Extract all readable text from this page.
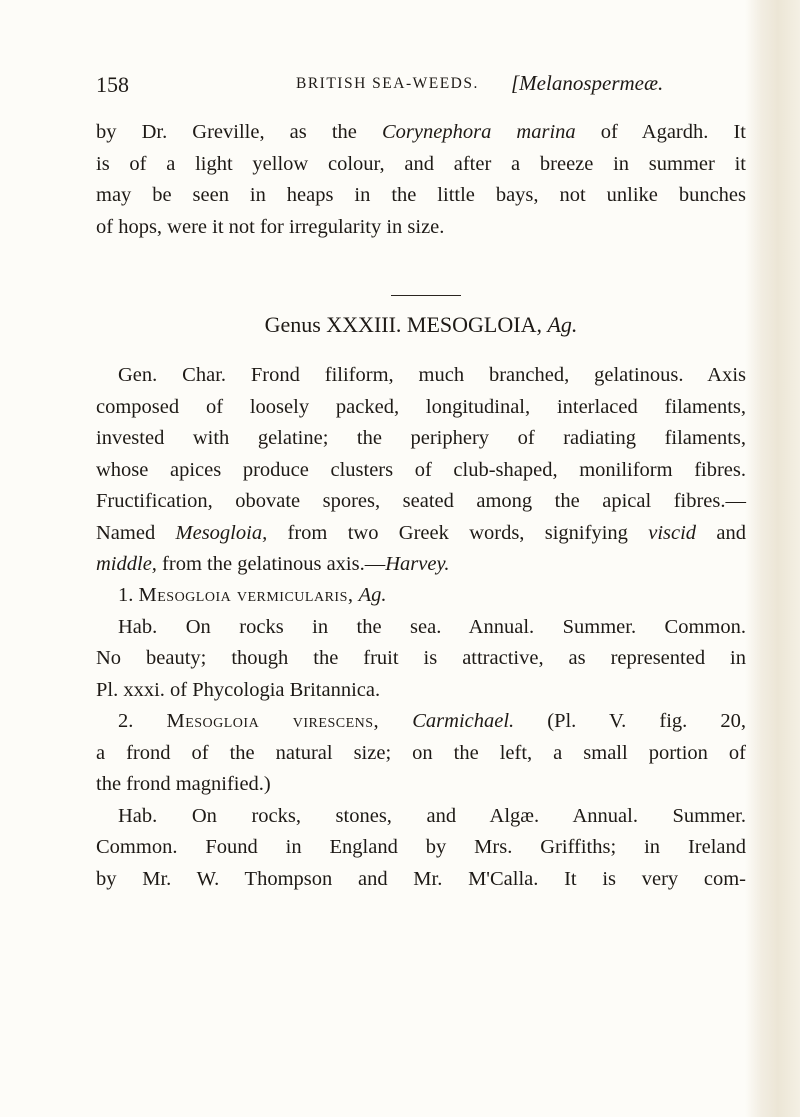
158	BRITISH SEA-WEEDS. [Melanospermeæ.

by Dr. Greville, as the Corynephora marina of Agardh. It
is of a light yellow colour, and after a breeze in summer it
may be seen in heaps in the little bays, not unlike bunches
of hops, were it not for irregularity in size.

Genus XXXIII. MESOGLOIA, Ag.

Gen. Char. Frond filiform, much branched, gelatinous. Axis
composed of loosely packed, longitudinal, interlaced filaments,
invested with gelatine; the periphery of radiating filaments,
whose apices produce clusters of club-shaped, moniliform fibres.
Fructification, obovate spores, seated among the apical fibres.—
Named Mesogloia, from two Greek words, signifying viscid and
middle, from the gelatinous axis.—Harvey.

1. Mesogloia vermicularis, Ag.
Hab. On rocks in the sea. Annual. Summer. Common.
No beauty; though the fruit is attractive, as represented in
Pl. xxxi. of Phycologia Britannica.

2. Mesogloia virescens, Carmichael. (Pl. V. fig. 20,
a frond of the natural size; on the left, a small portion of
the frond magnified.)
Hab. On rocks, stones, and Algæ. Annual. Summer.
Common. Found in England by Mrs. Griffiths; in Ireland
by Mr. W. Thompson and Mr. M'Calla. It is very com-
